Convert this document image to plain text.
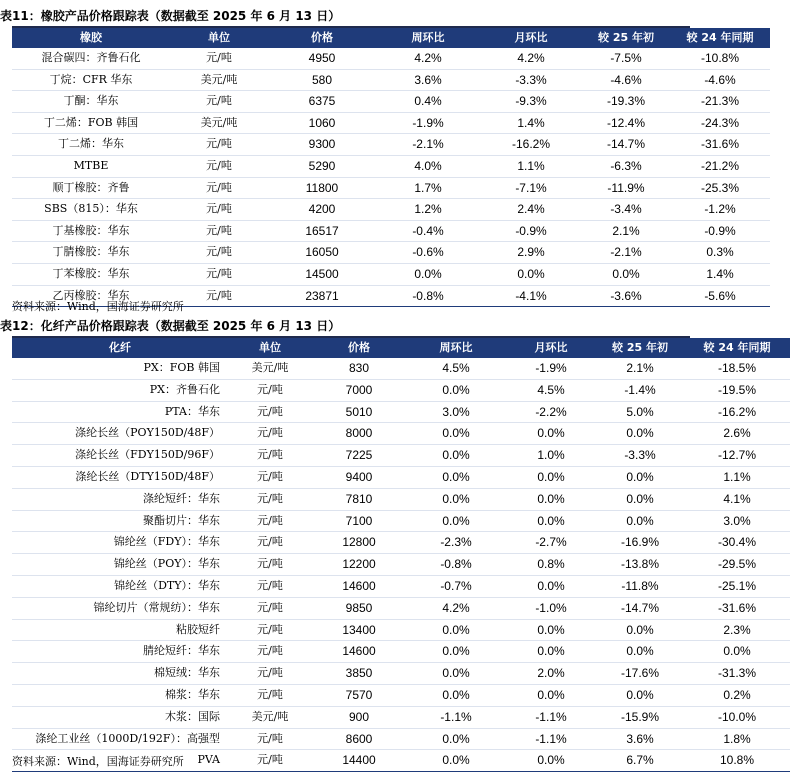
表11：橡胶产品价格跟踪表（数据截至 2025 年 6 月 13 日）
橡胶	单位	价格	周环比	月环比	较 25 年初	较 24 年同期
混合碳四：齐鲁石化	元/吨	4950	4.2%	4.2%	-7.5%	-10.8%
丁烷：CFR 华东	美元/吨	580	3.6%	-3.3%	-4.6%	-4.6%
丁酮：华东	元/吨	6375	0.4%	-9.3%	-19.3%	-21.3%
丁二烯：FOB 韩国	美元/吨	1060	-1.9%	1.4%	-12.4%	-24.3%
丁二烯：华东	元/吨	9300	-2.1%	-16.2%	-14.7%	-31.6%
MTBE	元/吨	5290	4.0%	1.1%	-6.3%	-21.2%
顺丁橡胶：齐鲁	元/吨	11800	1.7%	-7.1%	-11.9%	-25.3%
SBS（815）：华东	元/吨	4200	1.2%	2.4%	-3.4%	-1.2%
丁基橡胶：华东	元/吨	16517	-0.4%	-0.9%	2.1%	-0.9%
丁腈橡胶：华东	元/吨	16050	-0.6%	2.9%	-2.1%	0.3%
丁苯橡胶：华东	元/吨	14500	0.0%	0.0%	0.0%	1.4%
乙丙橡胶：华东	元/吨	23871	-0.8%	-4.1%	-3.6%	-5.6%
资料来源：Wind，国海证券研究所
表12：化纤产品价格跟踪表（数据截至 2025 年 6 月 13 日）
化纤	单位	价格	周环比	月环比	较 25 年初	较 24 年同期
PX：FOB 韩国	美元/吨	830	4.5%	-1.9%	2.1%	-18.5%
PX：齐鲁石化	元/吨	7000	0.0%	4.5%	-1.4%	-19.5%
PTA：华东	元/吨	5010	3.0%	-2.2%	5.0%	-16.2%
涤纶长丝（POY150D/48F）	元/吨	8000	0.0%	0.0%	0.0%	2.6%
涤纶长丝（FDY150D/96F）	元/吨	7225	0.0%	1.0%	-3.3%	-12.7%
涤纶长丝（DTY150D/48F）	元/吨	9400	0.0%	0.0%	0.0%	1.1%
涤纶短纤：华东	元/吨	7810	0.0%	0.0%	0.0%	4.1%
聚酯切片：华东	元/吨	7100	0.0%	0.0%	0.0%	3.0%
锦纶丝（FDY）：华东	元/吨	12800	-2.3%	-2.7%	-16.9%	-30.4%
锦纶丝（POY）：华东	元/吨	12200	-0.8%	0.8%	-13.8%	-29.5%
锦纶丝（DTY）：华东	元/吨	14600	-0.7%	0.0%	-11.8%	-25.1%
锦纶切片（常规纺）：华东	元/吨	9850	4.2%	-1.0%	-14.7%	-31.6%
粘胶短纤	元/吨	13400	0.0%	0.0%	0.0%	2.3%
腈纶短纤：华东	元/吨	14600	0.0%	0.0%	0.0%	0.0%
棉短绒：华东	元/吨	3850	0.0%	2.0%	-17.6%	-31.3%
棉浆：华东	元/吨	7570	0.0%	0.0%	0.0%	0.2%
木浆：国际	美元/吨	900	-1.1%	-1.1%	-15.9%	-10.0%
涤纶工业丝（1000D/192F）：高强型	元/吨	8600	0.0%	-1.1%	3.6%	1.8%
PVA	元/吨	14400	0.0%	0.0%	6.7%	10.8%
资料来源：Wind，国海证券研究所
